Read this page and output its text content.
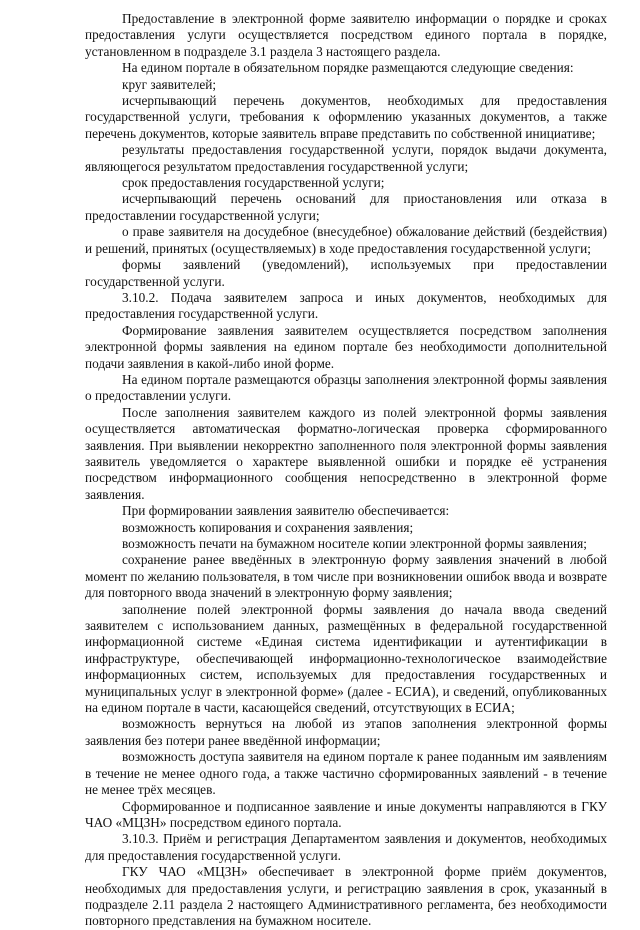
Предоставление в электронной форме заявителю информации о порядке и сроках предоставления услуги осуществляется посредством единого портала в порядке, установленном в подразделе 3.1 раздела 3 настоящего раздела.

На едином портале в обязательном порядке размещаются следующие сведения:

круг заявителей;

исчерпывающий перечень документов, необходимых для предоставления государственной услуги, требования к оформлению указанных документов, а также перечень документов, которые заявитель вправе представить по собственной инициативе;

результаты предоставления государственной услуги, порядок выдачи документа, являющегося результатом предоставления государственной услуги;

срок предоставления государственной услуги;

исчерпывающий перечень оснований для приостановления или отказа в предоставлении государственной услуги;

о праве заявителя на досудебное (внесудебное) обжалование действий (бездействия) и решений, принятых (осуществляемых) в ходе предоставления государственной услуги;

формы заявлений (уведомлений), используемых при предоставлении государственной услуги.

3.10.2. Подача заявителем запроса и иных документов, необходимых для предоставления государственной услуги.

Формирование заявления заявителем осуществляется посредством заполнения электронной формы заявления на едином портале без необходимости дополнительной подачи заявления в какой-либо иной форме.

На едином портале размещаются образцы заполнения электронной формы заявления о предоставлении услуги.

После заполнения заявителем каждого из полей электронной формы заявления осуществляется автоматическая форматно-логическая проверка сформированного заявления. При выявлении некорректно заполненного поля электронной формы заявления заявитель уведомляется о характере выявленной ошибки и порядке её устранения посредством информационного сообщения непосредственно в электронной форме заявления.

При формировании заявления заявителю обеспечивается:

возможность копирования и сохранения заявления;

возможность печати на бумажном носителе копии электронной формы заявления;

сохранение ранее введённых в электронную форму заявления значений в любой момент по желанию пользователя, в том числе при возникновении ошибок ввода и возврате для повторного ввода значений в электронную форму заявления;

заполнение полей электронной формы заявления до начала ввода сведений заявителем с использованием данных, размещённых в федеральной государственной информационной системе «Единая система идентификации и аутентификации в инфраструктуре, обеспечивающей информационно-технологическое взаимодействие информационных систем, используемых для предоставления государственных и муниципальных услуг в электронной форме» (далее - ЕСИА), и сведений, опубликованных на едином портале в части, касающейся сведений, отсутствующих в ЕСИА;

возможность вернуться на любой из этапов заполнения электронной формы заявления без потери ранее введённой информации;

возможность доступа заявителя на едином портале к ранее поданным им заявлениям в течение не менее одного года, а также частично сформированных заявлений - в течение не менее трёх месяцев.

Сформированное и подписанное заявление и иные документы направляются в ГКУ ЧАО «МЦЗН» посредством единого портала.

3.10.3. Приём и регистрация Департаментом заявления и документов, необходимых для предоставления государственной услуги.

ГКУ ЧАО «МЦЗН» обеспечивает в электронной форме приём документов, необходимых для предоставления услуги, и регистрацию заявления в срок, указанный в подразделе 2.11 раздела 2 настоящего Административного регламента, без необходимости повторного представления на бумажном носителе.
